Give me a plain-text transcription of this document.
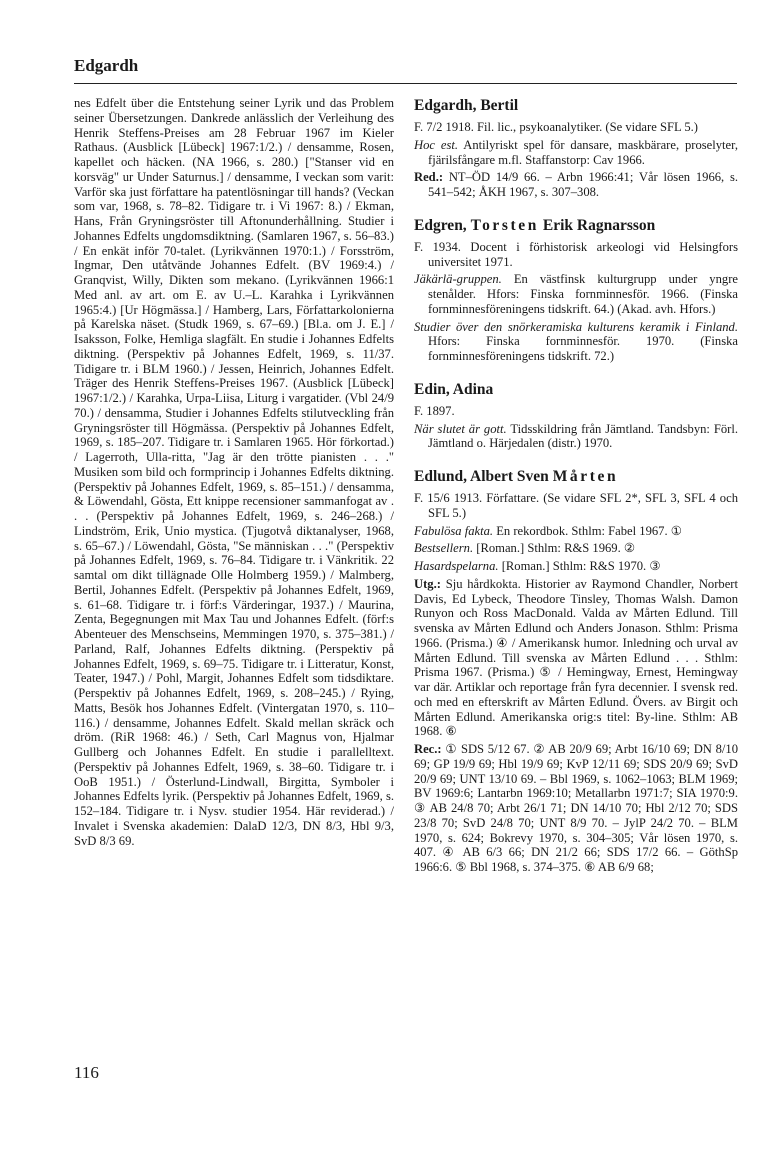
Edgardh

nes Edfelt über die Entstehung seiner Lyrik und das Problem seiner Übersetzungen. Dankrede anlässlich der Verleihung des Henrik Steffens-Preises am 28 Februar 1967 im Kieler Rathaus. (Ausblick [Lübeck] 1967:1/2.) / densamme, Rosen, kapellet och häcken. (NA 1966, s. 280.) ["Stanser vid en korsväg" ur Under Saturnus.] / densamme, I veckan som varit: Varför ska just författare ha patentlösningar till hands? (Veckan som var, 1968, s. 78–82. Tidigare tr. i Vi 1967: 8.) / Ekman, Hans, Från Gryningsröster till Aftonunderhållning. Studier i Johannes Edfelts ungdomsdiktning. (Samlaren 1967, s. 56–83.) / En enkät inför 70-talet. (Lyrikvännen 1970:1.) / Forsström, Ingmar, Den utåtvände Johannes Edfelt. (BV 1969:4.) / Granqvist, Willy, Dikten som mekano. (Lyrikvännen 1966:1 Med anl. av art. om E. av U.–L. Karahka i Lyrikvännen 1965:4.) [Ur Högmässa.] / Hamberg, Lars, Författarkolonierna på Karelska näset. (Studk 1969, s. 67–69.) [Bl.a. om J. E.] / Isaksson, Folke, Hemliga slagfält. En studie i Johannes Edfelts diktning. (Perspektiv på Johannes Edfelt, 1969, s. 11/37. Tidigare tr. i BLM 1960.) / Jessen, Heinrich, Johannes Edfelt. Träger des Henrik Steffens-Preises 1967. (Ausblick [Lübeck] 1967:1/2.) / Karahka, Urpa-Liisa, Liturg i vargatider. (Vbl 24/9 70.) / densamma, Studier i Johannes Edfelts stilutveckling från Gryningsröster till Högmässa. (Perspektiv på Johannes Edfelt, 1969, s. 185–207. Tidigare tr. i Samlaren 1965. Hör förkortad.) / Lagerroth, Ulla-ritta, "Jag är den trötte pianisten . . ." Musiken som bild och formprincip i Johannes Edfelts diktning. (Perspektiv på Johannes Edfelt, 1969, s. 85–151.) / densamma, & Löwendahl, Gösta, Ett knippe recensioner sammanfogat av . . . (Perspektiv på Johannes Edfelt, 1969, s. 246–268.) / Lindström, Erik, Unio mystica. (Tjugotvå diktanalyser, 1968, s. 65–67.) / Löwendahl, Gösta, "Se människan . . ." (Perspektiv på Johannes Edfelt, 1969, s. 76–84. Tidigare tr. i Vänkritik. 22 samtal om dikt tillägnade Olle Holmberg 1959.) / Malmberg, Bertil, Johannes Edfelt. (Perspektiv på Johannes Edfelt, 1969, s. 61–68. Tidigare tr. i förf:s Värderingar, 1937.) / Maurina, Zenta, Begegnungen mit Max Tau und Johannes Edfelt. (förf:s Abenteuer des Menschseins, Memmingen 1970, s. 375–381.) / Parland, Ralf, Johannes Edfelts diktning. (Perspektiv på Johannes Edfelt, 1969, s. 69–75. Tidigare tr. i Litteratur, Konst, Teater, 1947.) / Pohl, Margit, Johannes Edfelt som tidsdiktare. (Perspektiv på Johannes Edfelt, 1969, s. 208–245.) / Rying, Matts, Besök hos Johannes Edfelt. (Vintergatan 1970, s. 110–116.) / densamme, Johannes Edfelt. Skald mellan skräck och dröm. (RiR 1968: 46.) / Seth, Carl Magnus von, Hjalmar Gullberg och Johannes Edfelt. En studie i parallelltext. (Perspektiv på Johannes Edfelt, 1969, s. 38–60. Tidigare tr. i OoB 1951.) / Österlund-Lindwall, Birgitta, Symboler i Johannes Edfelts lyrik. (Perspektiv på Johannes Edfelt, 1969, s. 152–184. Tidigare tr. i Nysv. studier 1954. Här reviderad.) / Invalet i Svenska akademien: DalaD 12/3, DN 8/3, Hbl 9/3, SvD 8/3 69.

Edgardh, Bertil

F. 7/2 1918. Fil. lic., psykoanalytiker. (Se vidare SFL 5.)

Hoc est. Antilyriskt spel för dansare, maskbärare, proselyter, fjärilsfångare m.fl. Staffanstorp: Cav 1966.

Red.: NT–ÖD 14/9 66. – Arbn 1966:41; Vår lösen 1966, s. 541–542; ÅKH 1967, s. 307–308.

Edgren, Torsten Erik Ragnarsson

F. 1934. Docent i förhistorisk arkeologi vid Helsingfors universitet 1971.

Jäkärlä-gruppen. En västfinsk kulturgrupp under yngre stenålder. Hfors: Finska fornminnesför. 1966. (Finska fornminnesföreningens tidskrift. 64.) (Akad. avh. Hfors.)

Studier över den snörkeramiska kulturens keramik i Finland. Hfors: Finska fornminnesför. 1970. (Finska fornminnesföreningens tidskrift. 72.)

Edin, Adina

F. 1897.

När slutet är gott. Tidsskildring från Jämtland. Tandsbyn: Förl. Jämtland o. Härjedalen (distr.) 1970.

Edlund, Albert Sven Mårten

F. 15/6 1913. Författare. (Se vidare SFL 2*, SFL 3, SFL 4 och SFL 5.)

Fabulösa fakta. En rekordbok. Sthlm: Fabel 1967. ①

Bestsellern. [Roman.] Sthlm: R&S 1969. ②

Hasardspelarna. [Roman.] Sthlm: R&S 1970. ③

Utg.: Sju hårdkokta. Historier av Raymond Chandler, Norbert Davis, Ed Lybeck, Theodore Tinsley, Thomas Walsh. Damon Runyon och Ross MacDonald. Valda av Mårten Edlund. Till svenska av Mårten Edlund och Anders Jonason. Sthlm: Prisma 1966. (Prisma.) ④ / Amerikansk humor. Inledning och urval av Mårten Edlund. Till svenska av Mårten Edlund . . . Sthlm: Prisma 1967. (Prisma.) ⑤ / Hemingway, Ernest, Hemingway var där. Artiklar och reportage från fyra decennier. I svensk red. och med en efterskrift av Mårten Edlund. Övers. av Birgit och Mårten Edlund. Amerikanska orig:s titel: By-line. Sthlm: AB 1968. ⑥

Rec.: ① SDS 5/12 67. ② AB 20/9 69; Arbt 16/10 69; DN 8/10 69; GP 19/9 69; Hbl 19/9 69; KvP 12/11 69; SDS 20/9 69; SvD 20/9 69; UNT 13/10 69. – Bbl 1969, s. 1062–1063; BLM 1969; BV 1969:6; Lantarbn 1969:10; Metallarbn 1971:7; SIA 1970:9. ③ AB 24/8 70; Arbt 26/1 71; DN 14/10 70; Hbl 2/12 70; SDS 23/8 70; SvD 24/8 70; UNT 8/9 70. – JylP 24/2 70. – BLM 1970, s. 624; Bokrevy 1970, s. 304–305; Vår lösen 1970, s. 407. ④ AB 6/3 66; DN 21/2 66; SDS 17/2 66. – GöthSp 1966:6. ⑤ Bbl 1968, s. 374–375. ⑥ AB 6/9 68;

116
